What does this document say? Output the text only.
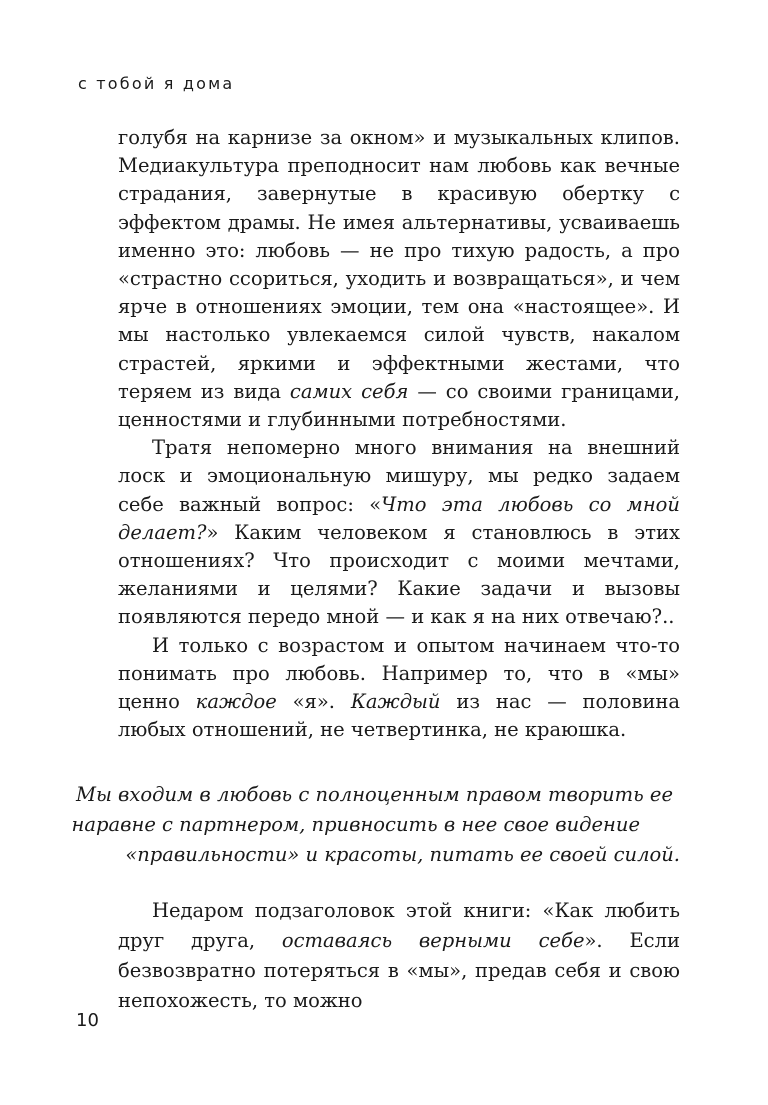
с тобой я дома

голубя на карнизе за окном» и музыкальных клипов. Медиакультура преподносит нам любовь как вечные страдания, завернутые в красивую обертку с эффектом драмы. Не имея альтернативы, усваиваешь именно это: любовь — не про тихую радость, а про «страстно ссориться, уходить и возвращаться», и чем ярче в отношениях эмоции, тем она «настоящее». И мы настолько увлекаемся силой чувств, накалом страстей, яркими и эффектными жестами, что теряем из вида самих себя — со своими границами, ценностями и глубинными потребностями.

Тратя непомерно много внимания на внешний лоск и эмоциональную мишуру, мы редко задаем себе важный вопрос: «Что эта любовь со мной делает?» Каким человеком я становлюсь в этих отношениях? Что происходит с моими мечтами, желаниями и целями? Какие задачи и вызовы появляются передо мной — и как я на них отвечаю?..

И только с возрастом и опытом начинаем что-то понимать про любовь. Например то, что в «мы» ценно каждое «я». Каждый из нас — половина любых отношений, не четвертинка, не краюшка.

Мы входим в любовь с полноценным правом творить ее
наравне с партнером, привносить в нее свое видение
«правильности» и красоты, питать ее своей силой.

Недаром подзаголовок этой книги: «Как любить друг друга, оставаясь верными себе». Если безвозвратно потеряться в «мы», предав себя и свою непохожесть, то можно

10
